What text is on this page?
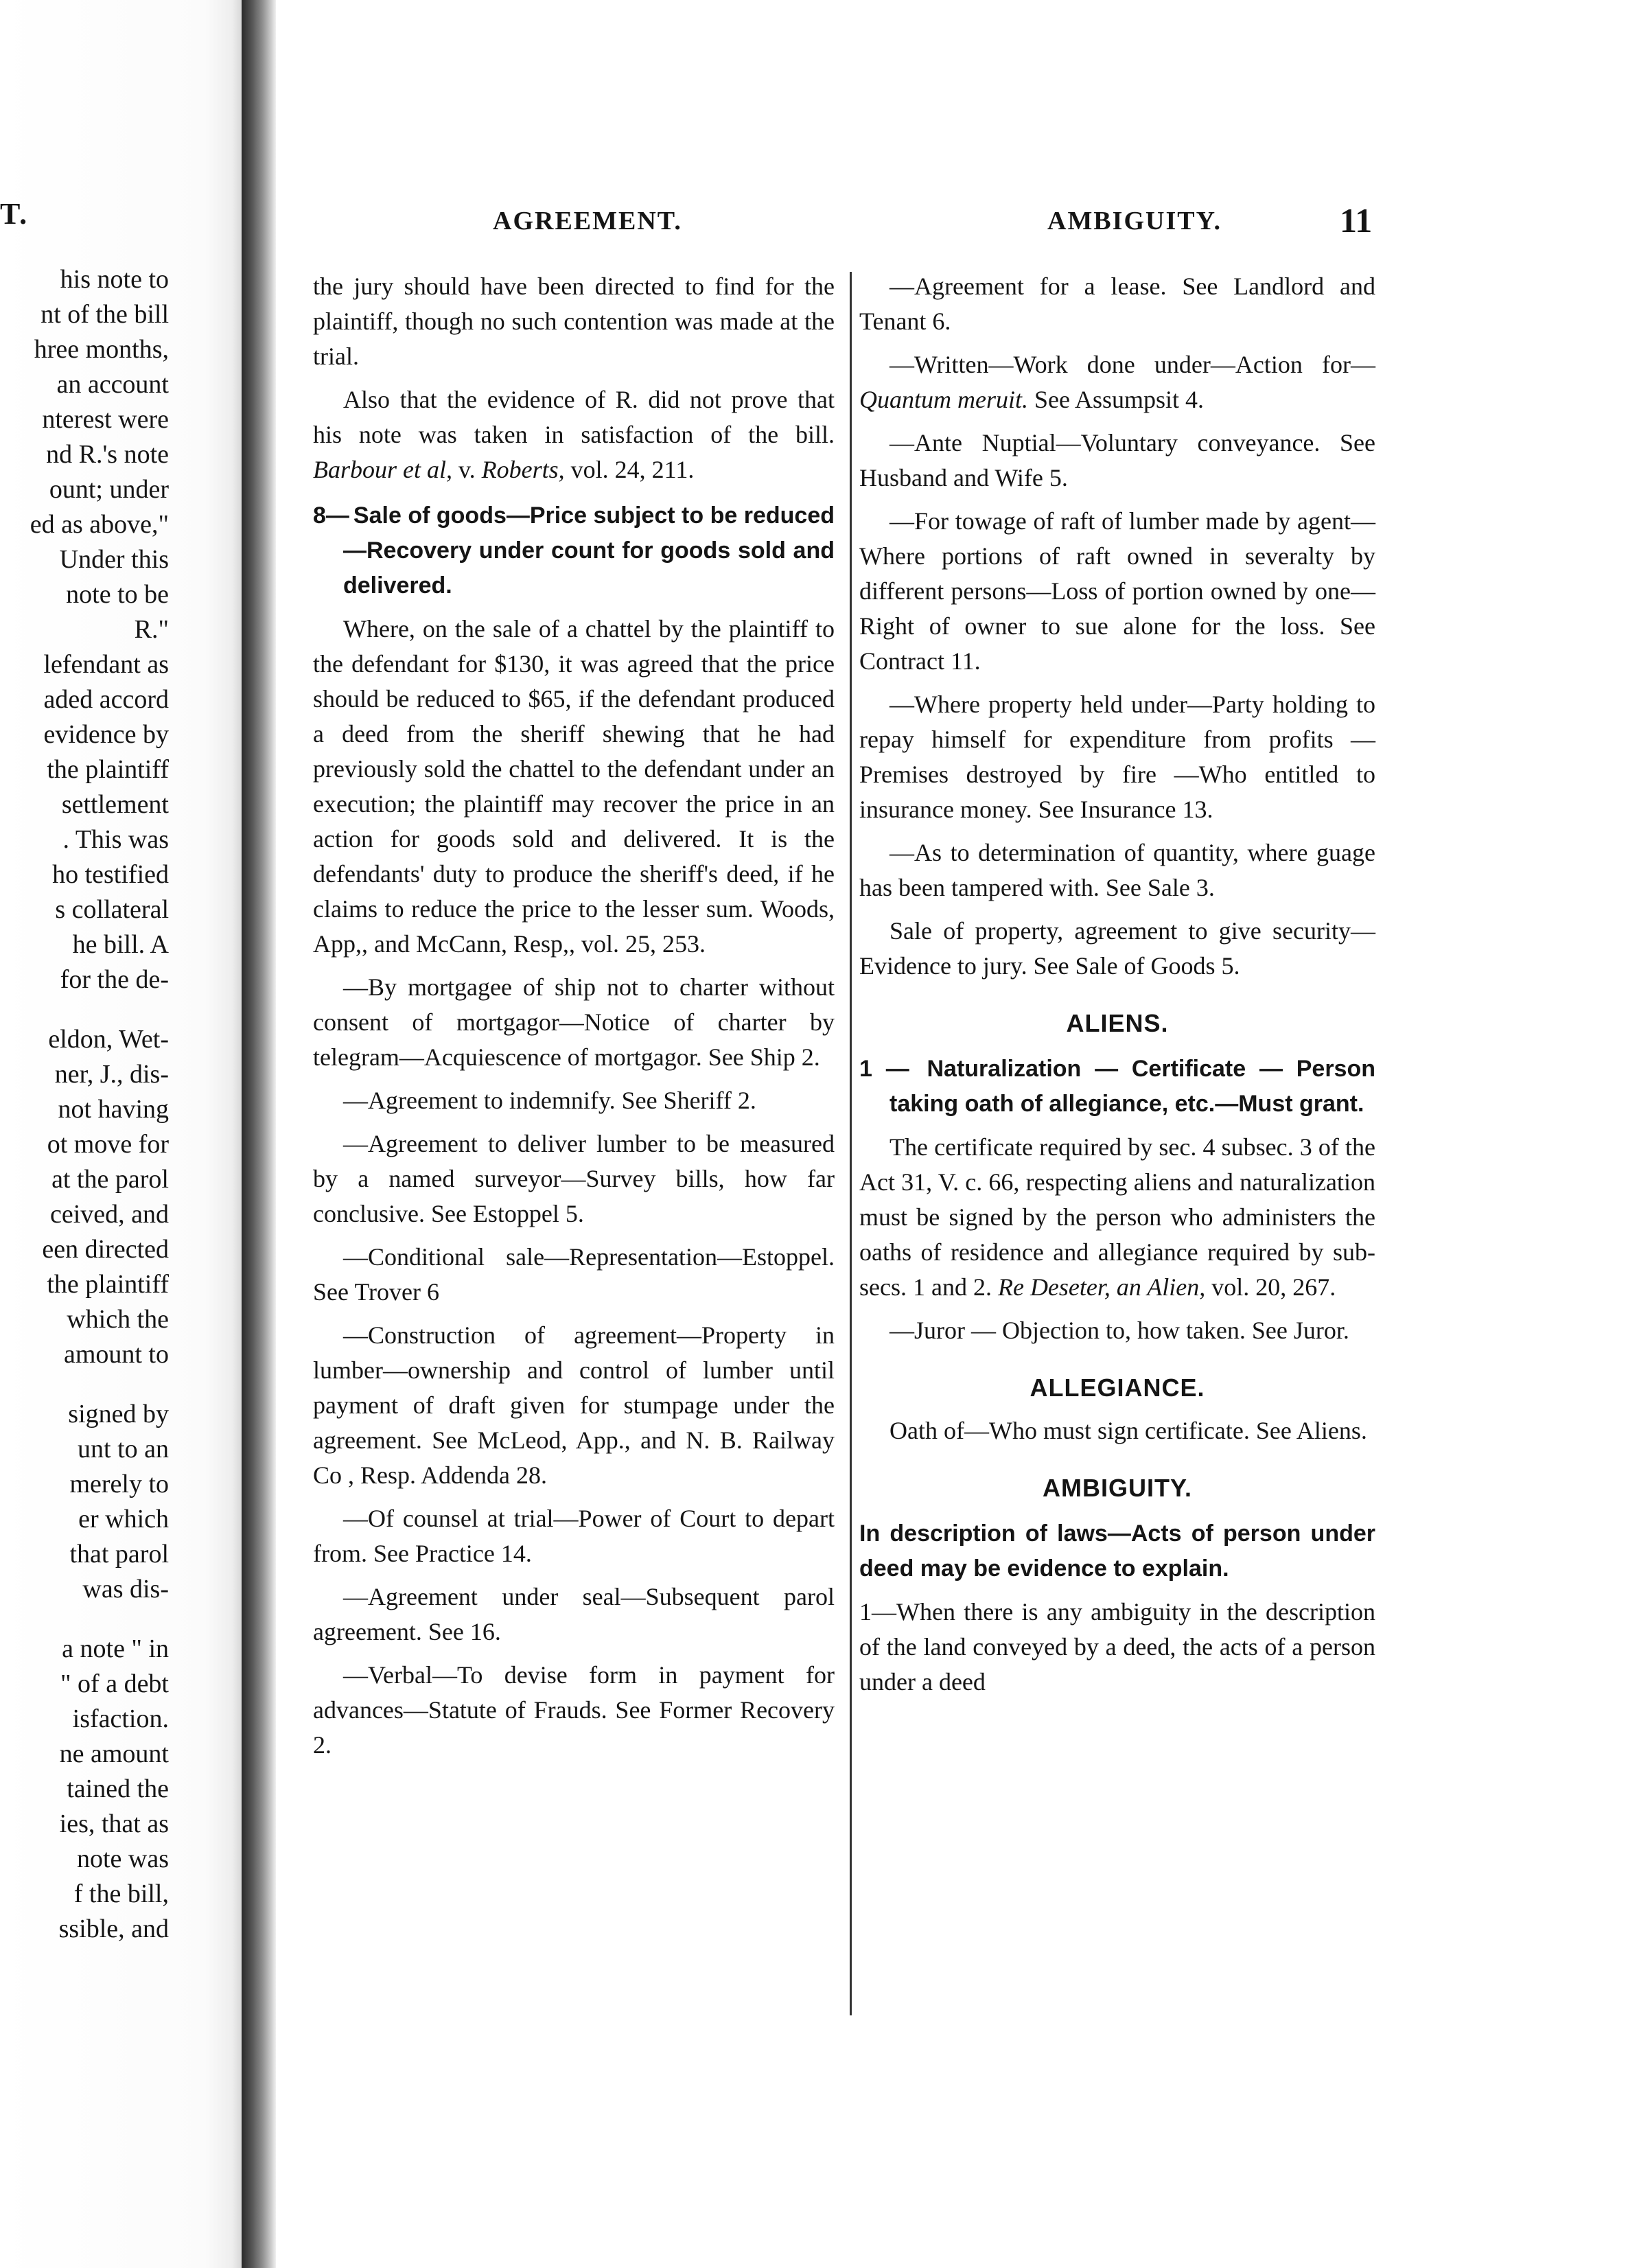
T.
his note to
nt of the bill
hree months,
an account
nterest were
nd R.'s note
ount; under
ed as above,"
Under this
note to be
R."
lefendant as
aded accord
evidence by
the plaintiff
settlement
. This was
ho testified
s collateral
he bill. A
for the de-
eldon, Wet-
ner, J., dis-
not having
ot move for
at the parol
ceived, and
een directed
the plaintiff
which the
amount to
signed by
unt to an
merely to
er which
that parol
was dis-
a note " in
" of a debt
isfaction.
ne amount
tained the
ies, that as
note was
f the bill,
ssible, and
AGREEMENT.	AMBIGUITY.	11

the jury should have been directed to find for the plaintiff, though no such contention was made at the trial.

Also that the evidence of R. did not prove that his note was taken in satisfaction of the bill. Barbour et al, v. Roberts, vol. 24, 211.

8— Sale of goods—Price subject to be reduced—Recovery under count for goods sold and delivered.

Where, on the sale of a chattel by the plaintiff to the defendant for $130, it was agreed that the price should be reduced to $65, if the defendant produced a deed from the sheriff shewing that he had previously sold the chattel to the defendant under an execution; the plaintiff may recover the price in an action for goods sold and delivered. It is the defendants' duty to produce the sheriff's deed, if he claims to reduce the price to the lesser sum. Woods, App,, and McCann, Resp,, vol. 25, 253.

—By mortgagee of ship not to charter without consent of mortgagor—Notice of charter by telegram—Acquiescence of mortgagor. See Ship 2.

—Agreement to indemnify. See Sheriff 2.

—Agreement to deliver lumber to be measured by a named surveyor—Survey bills, how far conclusive. See Estoppel 5.

—Conditional sale—Representation—Estoppel. See Trover 6

—Construction of agreement—Property in lumber—ownership and control of lumber until payment of draft given for stumpage under the agreement. See McLeod, App., and N. B. Railway Co , Resp. Addenda 28.

—Of counsel at trial—Power of Court to depart from. See Practice 14.

—Agreement under seal—Subsequent parol agreement. See 16.

—Verbal—To devise form in payment for advances—Statute of Frauds. See Former Recovery 2.

—Agreement for a lease. See Landlord and Tenant 6.

—Written—Work done under—Action for—Quantum meruit. See Assumpsit 4.

—Ante Nuptial—Voluntary conveyance. See Husband and Wife 5.

—For towage of raft of lumber made by agent—Where portions of raft owned in severalty by different persons—Loss of portion owned by one—Right of owner to sue alone for the loss. See Contract 11.

—Where property held under—Party holding to repay himself for expenditure from profits — Premises destroyed by fire —Who entitled to insurance money. See Insurance 13.

—As to determination of quantity, where guage has been tampered with. See Sale 3.

Sale of property, agreement to give security—Evidence to jury. See Sale of Goods 5.

ALIENS.
1 — Naturalization — Certificate — Person taking oath of allegiance, etc.—Must grant.

The certificate required by sec. 4 subsec. 3 of the Act 31, V. c. 66, respecting aliens and naturalization must be signed by the person who administers the oaths of residence and allegiance required by sub-secs. 1 and 2. Re Deseter, an Alien, vol. 20, 267.

—Juror — Objection to, how taken. See Juror.

ALLEGIANCE.

Oath of—Who must sign certificate. See Aliens.

AMBIGUITY.
In description of laws—Acts of person under deed may be evidence to explain.

1—When there is any ambiguity in the description of the land conveyed by a deed, the acts of a person under a deed
